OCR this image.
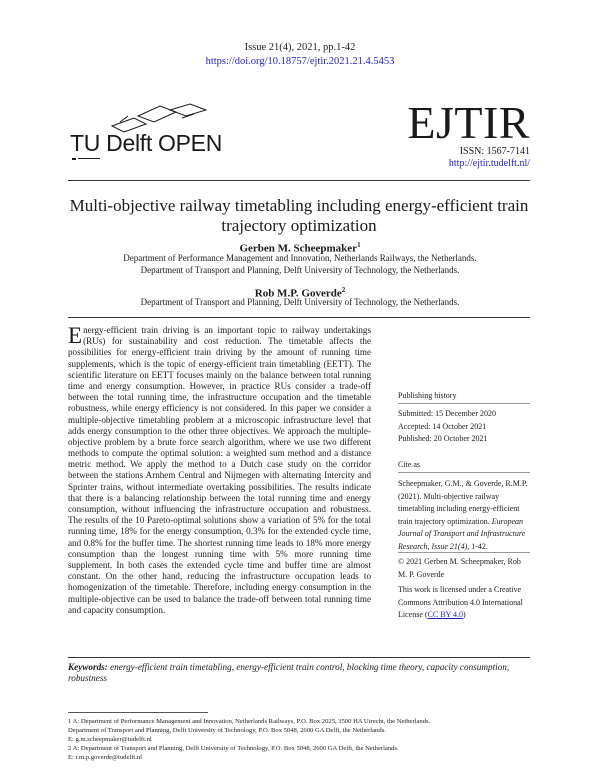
Issue 21(4), 2021, pp.1-42
https://doi.org/10.18757/ejtir.2021.21.4.5453
TU Delft OPEN	EJTIR
ISSN: 1567-7141
http://ejtir.tudelft.nl/
Multi-objective railway timetabling including energy-efficient train trajectory optimization
Gerben M. Scheepmaker$^1$
Department of Performance Management and Innovation, Netherlands Railways, the Netherlands.
Department of Transport and Planning, Delft University of Technology, the Netherlands.
Rob M.P. Goverde$^2$
Department of Transport and Planning, Delft University of Technology, the Netherlands.
Energy-efficient train driving is an important topic to railway undertakings (RUs) for sustainability and cost reduction. The timetable affects the possibilities for energy-efficient train driving by the amount of running time supplements, which is the topic of energy-efficient train timetabling (EETT). The scientific literature on EETT focuses mainly on the balance between total running time and energy consumption. However, in practice RUs consider a trade-off between the total running time, the infrastructure occupation and the timetable robustness, while energy efficiency is not considered. In this paper we consider a multiple-objective timetabling problem at a microscopic infrastructure level that adds energy consumption to the other three objectives. We approach the multiple-objective problem by a brute force search algorithm, where we use two different methods to compute the optimal solution: a weighted sum method and a distance metric method. We apply the method to a Dutch case study on the corridor between the stations Arnhem Central and Nijmegen with alternating Intercity and Sprinter trains, without intermediate overtaking possibilities. The results indicate that there is a balancing relationship between the total running time and energy consumption, without influencing the infrastructure occupation and robustness. The results of the 10 Pareto-optimal solutions show a variation of 5% for the total running time, 18% for the energy consumption, 0.3% for the extended cycle time, and 0.8% for the buffer time. The shortest running time leads to 18% more energy consumption than the longest running time with 5% more running time supplement. In both cases the extended cycle time and buffer time are almost constant. On the other hand, reducing the infrastructure occupation leads to homogenization of the timetable. Therefore, including energy consumption in the multiple-objective can be used to balance the trade-off between total running time and capacity consumption.
Publishing history
Submitted: 15 December 2020
Accepted: 14 October 2021
Published: 20 October 2021
Cite as
Scheepmaker, G.M., & Goverde, R.M.P. (2021). Multi-objective railway timetabling including energy-efficient train trajectory optimization. European Journal of Transport and Infrastructure Research, Issue 21(4), 1-42.
© 2021 Gerben M. Scheepmaker, Rob M. P. Goverde
This work is licensed under a Creative Commons Attribution 4.0 International License (CC BY 4.0)
Keywords: energy-efficient train timetabling, energy-efficient train control, blocking time theory, capacity consumption, robustness
1 A: Department of Performance Management and Innovation, Netherlands Railways, P.O. Box 2025, 3500 HA Utrecht, the Netherlands.
Department of Transport and Planning, Delft University of Technology, P.O. Box 5048, 2600 GA Delft, the Netherlands.
E: g.m.scheepmaker@tudelft.nl
2 A: Department of Transport and Planning, Delft University of Technology, P.O. Box 5048, 2600 GA Delft, the Netherlands.
E: r.m.p.goverde@tudelft.nl
